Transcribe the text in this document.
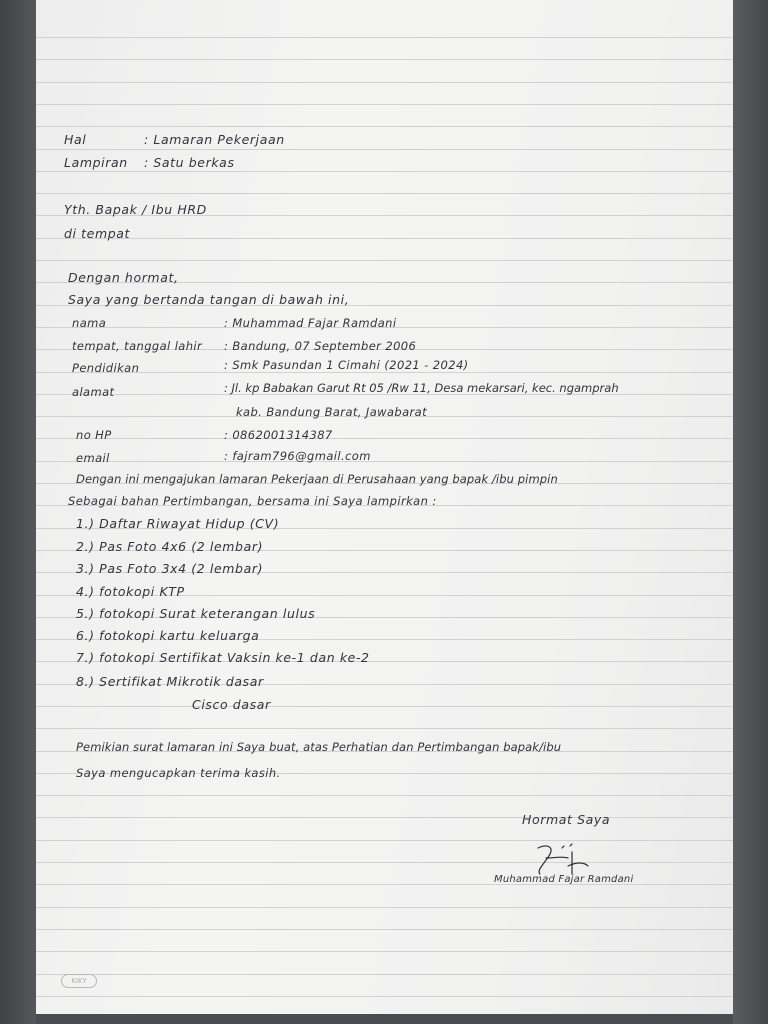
Hal	: Lamaran Pekerjaan
Lampiran : Satu berkas
Yth. Bapak / Ibu HRD
di tempat
Dengan hormat,
Saya yang bertanda tangan di bawah ini,
nama	: Muhammad Fajar Ramdani
tempat, tanggal lahir : Bandung, 07 September 2006
Pendidikan	: Smk Pasundan 1 Cimahi (2021 - 2024)
alamat	: Jl. kp Babakan Garut Rt 05 /Rw 11, Desa mekarsari, kec. ngamprah
kab. Bandung Barat, Jawabarat
no HP	: 0862001314387
email	: fajram796@gmail.com
Dengan ini mengajukan lamaran Pekerjaan di Perusahaan yang bapak /ibu pimpin
Sebagai bahan Pertimbangan, bersama ini Saya lampirkan :
1.) Daftar Riwayat Hidup (CV)
2.) Pas Foto 4x6 (2 lembar)
3.) Pas Foto 3x4 (2 lembar)
4.) fotokopi KTP
5.) fotokopi Surat keterangan lulus
6.) fotokopi kartu keluarga
7.) fotokopi Sertifikat Vaksin ke-1 dan ke-2
8.) Sertifikat Mikrotik dasar
Cisco dasar
Pemikian surat lamaran ini Saya buat, atas Perhatian dan Pertimbangan bapak/ibu
Saya mengucapkan terima kasih.
Hormat Saya
Muhammad Fajar Ramdani
KIKY
